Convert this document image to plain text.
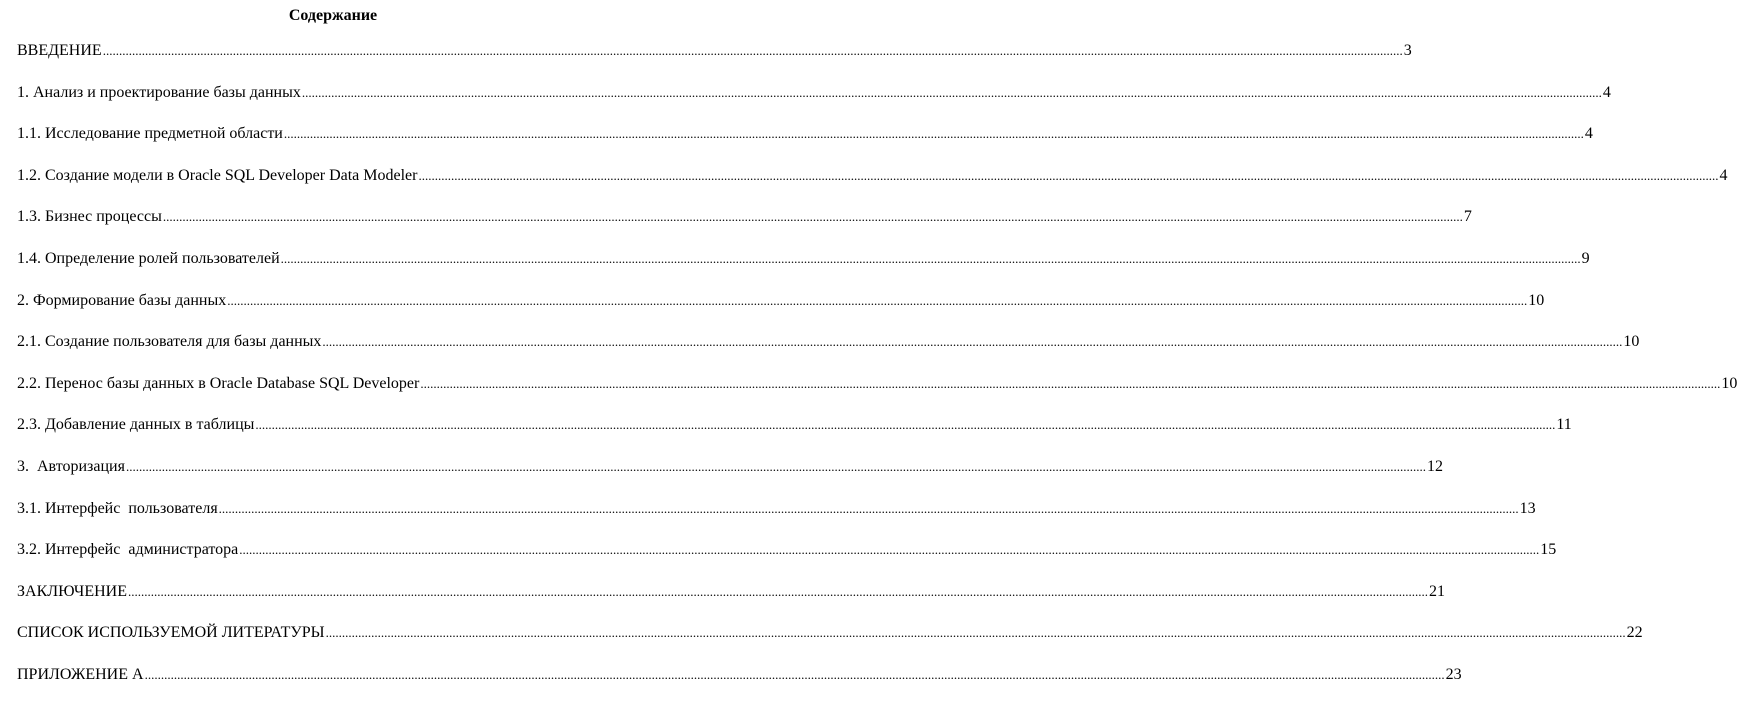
Содержание
ВВЕДЕНИЕ ................................................................................................................................................................................................................................................................................................................................................................................................................ 3
1. Анализ и проектирование базы данных ................................................................................................................................................................................................................................................................................................................................................................................................................ 4
1.1. Исследование предметной области ................................................................................................................................................................................................................................................................................................................................................................................................................ 4
1.2. Создание модели в Oracle SQL Developer Data Modeler ................................................................................................................................................................................................................................................................................................................................................................................................................ 4
1.3. Бизнес процессы ................................................................................................................................................................................................................................................................................................................................................................................................................ 7
1.4. Определение ролей пользователей ................................................................................................................................................................................................................................................................................................................................................................................................................ 9
2. Формирование базы данных ................................................................................................................................................................................................................................................................................................................................................................................................................ 10
2.1. Создание пользователя для базы данных ................................................................................................................................................................................................................................................................................................................................................................................................................ 10
2.2. Перенос базы данных в Oracle Database SQL Developer ................................................................................................................................................................................................................................................................................................................................................................................................................ 10
2.3. Добавление данных в таблицы ................................................................................................................................................................................................................................................................................................................................................................................................................ 11
3.  Авторизация ................................................................................................................................................................................................................................................................................................................................................................................................................ 12
3.1. Интерфейс  пользователя ................................................................................................................................................................................................................................................................................................................................................................................................................ 13
3.2. Интерфейс  администратора ................................................................................................................................................................................................................................................................................................................................................................................................................ 15
ЗАКЛЮЧЕНИЕ ................................................................................................................................................................................................................................................................................................................................................................................................................ 21
СПИСОК ИСПОЛЬЗУЕМОЙ ЛИТЕРАТУРЫ ................................................................................................................................................................................................................................................................................................................................................................................................................ 22
ПРИЛОЖЕНИЕ А ................................................................................................................................................................................................................................................................................................................................................................................................................ 23
